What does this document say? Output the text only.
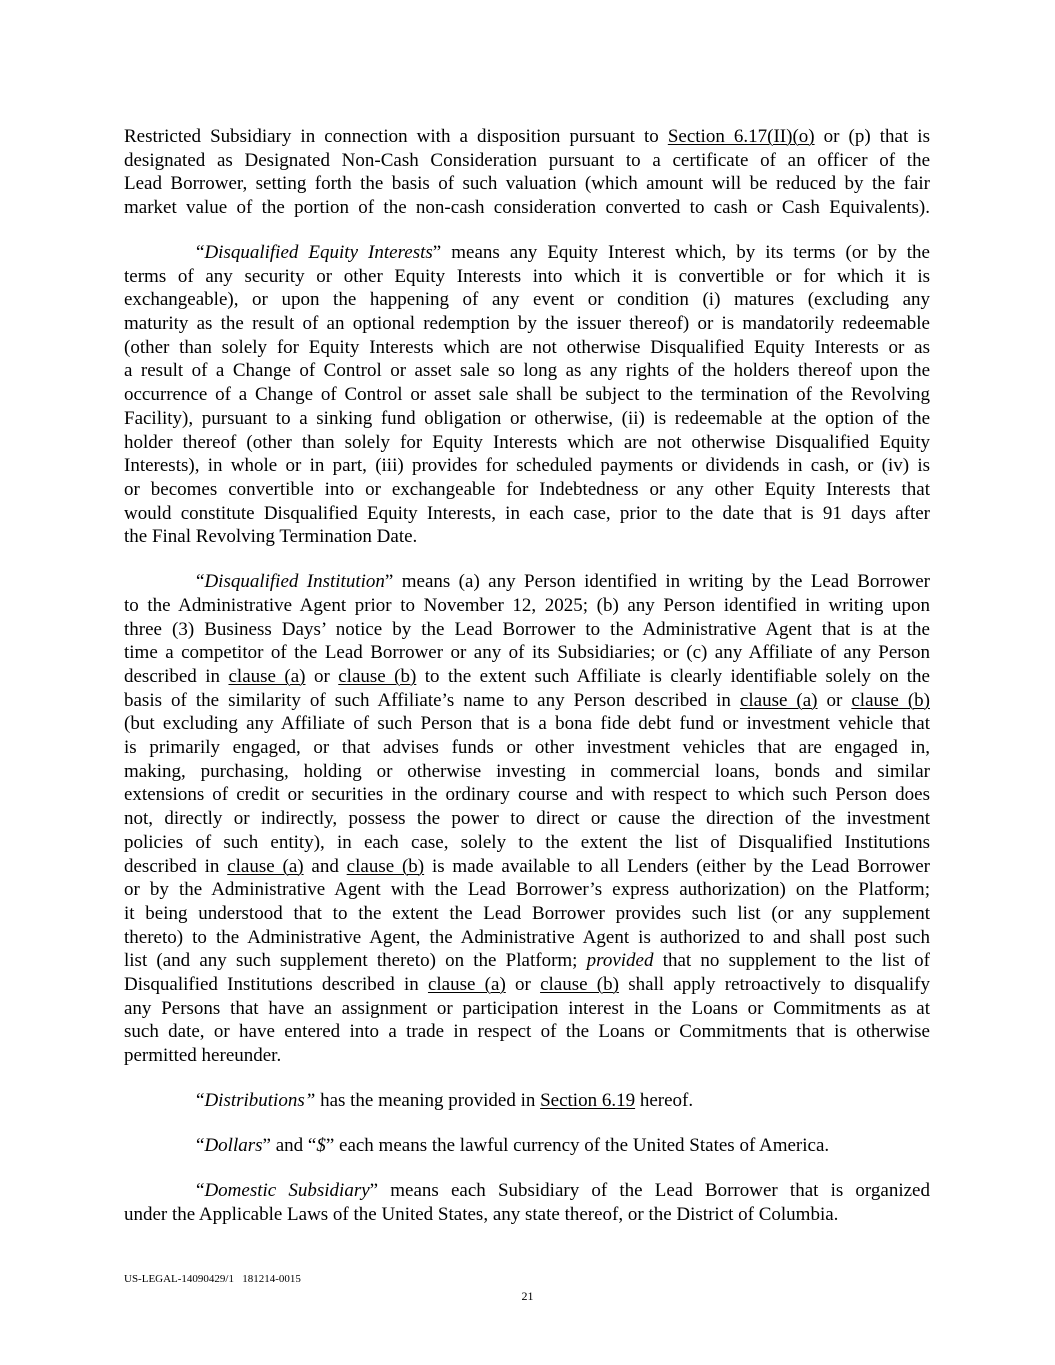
Restricted Subsidiary in connection with a disposition pursuant to Section 6.17(II)(o) or (p) that is
designated as Designated Non-Cash Consideration pursuant to a certificate of an officer of the
Lead Borrower, setting forth the basis of such valuation (which amount will be reduced by the fair
market value of the portion of the non-cash consideration converted to cash or Cash Equivalents).
“Disqualified Equity Interests” means any Equity Interest which, by its terms (or by the
terms of any security or other Equity Interests into which it is convertible or for which it is
exchangeable), or upon the happening of any event or condition (i) matures (excluding any
maturity as the result of an optional redemption by the issuer thereof) or is mandatorily redeemable
(other than solely for Equity Interests which are not otherwise Disqualified Equity Interests or as
a result of a Change of Control or asset sale so long as any rights of the holders thereof upon the
occurrence of a Change of Control or asset sale shall be subject to the termination of the Revolving
Facility), pursuant to a sinking fund obligation or otherwise, (ii) is redeemable at the option of the
holder thereof (other than solely for Equity Interests which are not otherwise Disqualified Equity
Interests), in whole or in part, (iii) provides for scheduled payments or dividends in cash, or (iv) is
or becomes convertible into or exchangeable for Indebtedness or any other Equity Interests that
would constitute Disqualified Equity Interests, in each case, prior to the date that is 91 days after
the Final Revolving Termination Date.
“Disqualified Institution” means (a) any Person identified in writing by the Lead Borrower
to the Administrative Agent prior to November 12, 2025; (b) any Person identified in writing upon
three (3) Business Days’ notice by the Lead Borrower to the Administrative Agent that is at the
time a competitor of the Lead Borrower or any of its Subsidiaries; or (c) any Affiliate of any Person
described in clause (a) or clause (b) to the extent such Affiliate is clearly identifiable solely on the
basis of the similarity of such Affiliate’s name to any Person described in clause (a) or clause (b)
(but excluding any Affiliate of such Person that is a bona fide debt fund or investment vehicle that
is primarily engaged, or that advises funds or other investment vehicles that are engaged in,
making, purchasing, holding or otherwise investing in commercial loans, bonds and similar
extensions of credit or securities in the ordinary course and with respect to which such Person does
not, directly or indirectly, possess the power to direct or cause the direction of the investment
policies of such entity), in each case, solely to the extent the list of Disqualified Institutions
described in clause (a) and clause (b) is made available to all Lenders (either by the Lead Borrower
or by the Administrative Agent with the Lead Borrower’s express authorization) on the Platform;
it being understood that to the extent the Lead Borrower provides such list (or any supplement
thereto) to the Administrative Agent, the Administrative Agent is authorized to and shall post such
list (and any such supplement thereto) on the Platform; provided that no supplement to the list of
Disqualified Institutions described in clause (a) or clause (b) shall apply retroactively to disqualify
any Persons that have an assignment or participation interest in the Loans or Commitments as at
such date, or have entered into a trade in respect of the Loans or Commitments that is otherwise
permitted hereunder.
“Distributions” has the meaning provided in Section 6.19 hereof.
“Dollars” and “$” each means the lawful currency of the United States of America.
“Domestic Subsidiary” means each Subsidiary of the Lead Borrower that is organized
under the Applicable Laws of the United States, any state thereof, or the District of Columbia.
US-LEGAL-14090429/1   181214-0015
21
